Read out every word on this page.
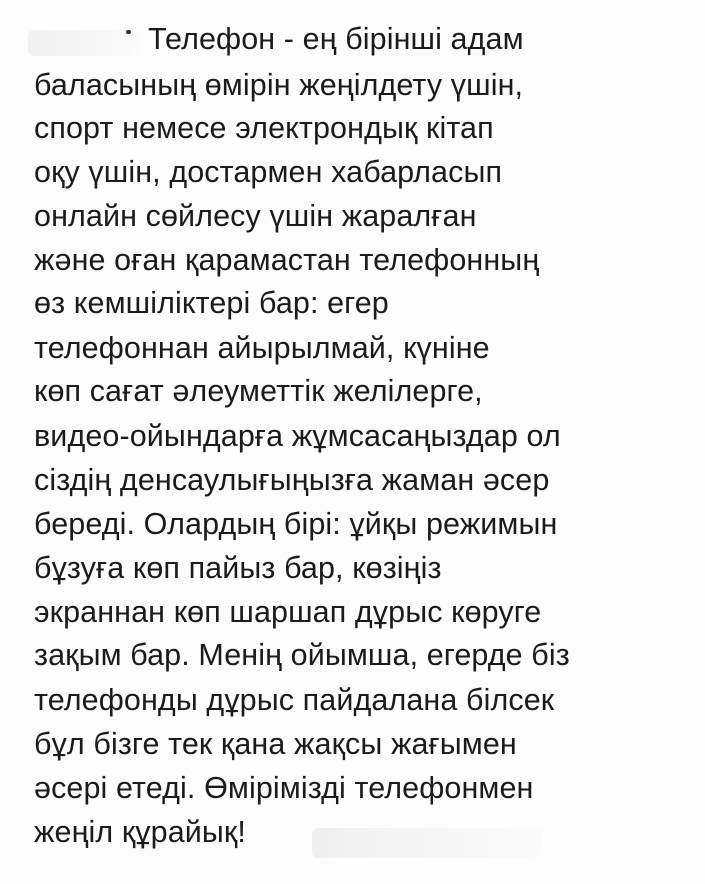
Телефон - ең бірінші адам
баласының өмірін жеңілдету үшін,
спорт немесе электрондық кітап
оқу үшін, достармен хабарласып
онлайн сөйлесу үшін жаралған
және оған қарамастан телефонның
өз кемшіліктері бар: егер
телефоннан айырылмай, күніне
көп сағат әлеуметтік желілерге,
видео-ойындарға жұмсасаңыздар ол
сіздің денсаулығыңызға жаман әсер
береді. Олардың бірі: ұйқы режимын
бұзуға көп пайыз бар, көзіңіз
экраннан көп шаршап дұрыс көруге
зақым бар. Менің ойымша, егерде біз
телефонды дұрыс пайдалана білсек
бұл бізге тек қана жақсы жағымен
әсері етеді. Өмірімізді телефонмен
жеңіл құрайық!
